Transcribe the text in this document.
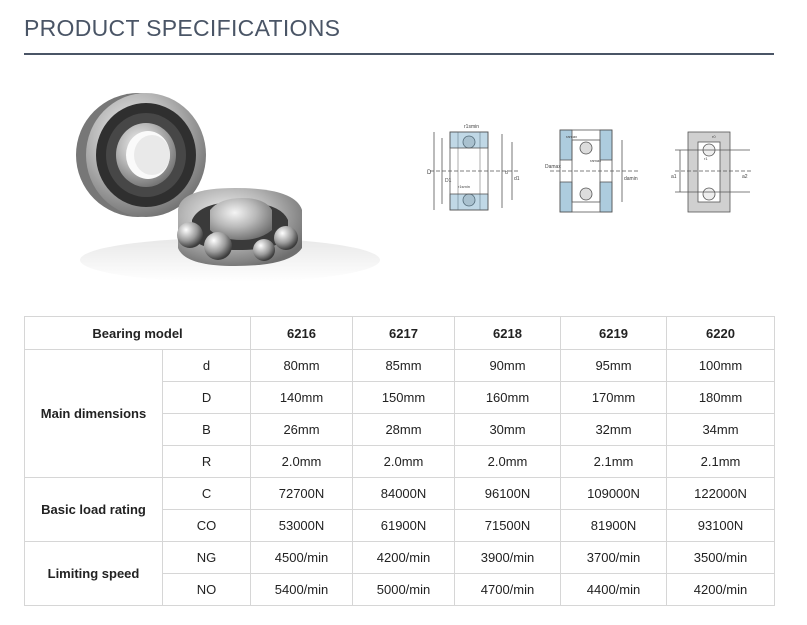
PRODUCT SPECIFICATIONS
D
D1
d
d1
r1smin
r1smin
ramax
ramax
Damax
damin
r0
r1
a1	a2
Bearing model		6216	6217	6218	6219	6220
Main dimensions	d	80mm	85mm	90mm	95mm	100mm
	D	140mm	150mm	160mm	170mm	180mm
	B	26mm	28mm	30mm	32mm	34mm
	R	2.0mm	2.0mm	2.0mm	2.1mm	2.1mm
Basic load rating	C	72700N	84000N	96100N	109000N	122000N
	CO	53000N	61900N	71500N	81900N	93100N
Limiting speed	NG	4500/min	4200/min	3900/min	3700/min	3500/min
	NO	5400/min	5000/min	4700/min	4400/min	4200/min
